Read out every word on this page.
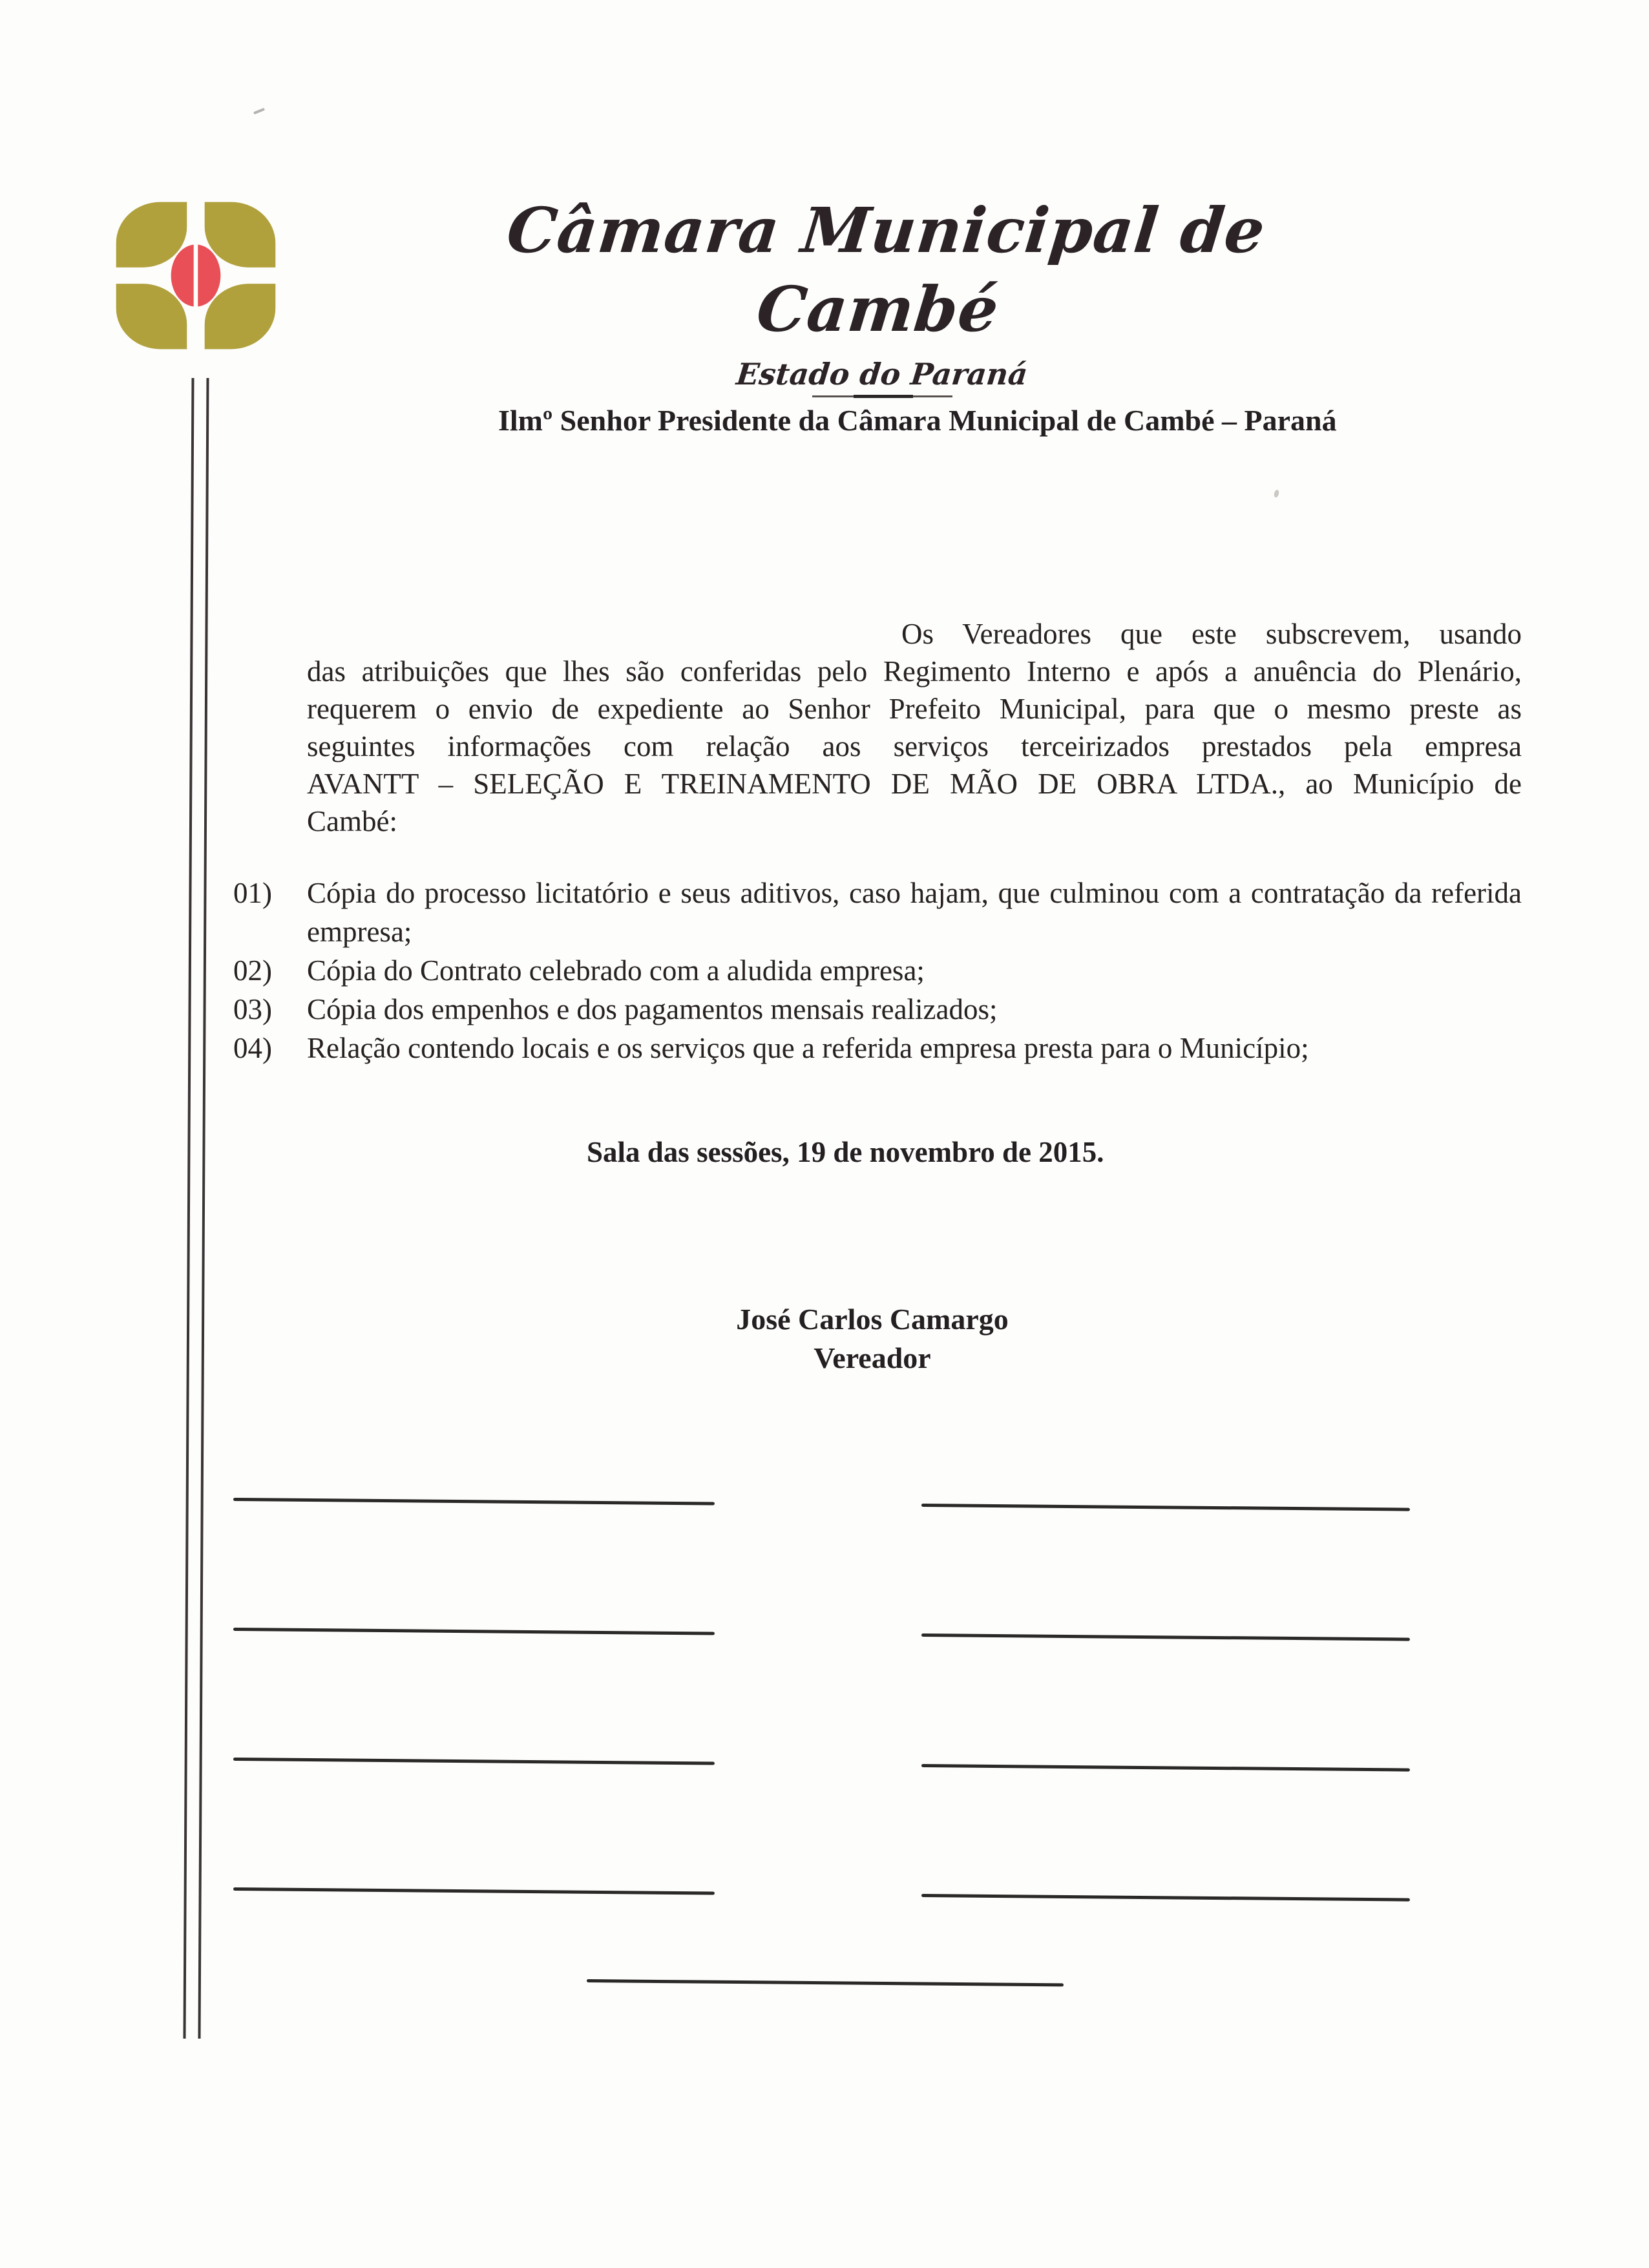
Câmara Municipal de Cambé
Estado do Paraná
Ilmº Senhor Presidente da Câmara Municipal de Cambé – Paraná
Os Vereadores que este subscrevem, usando
das atribuições que lhes são conferidas pelo Regimento Interno e após a anuência do Plenário,
requerem o envio de expediente ao Senhor Prefeito Municipal, para que o mesmo preste as
seguintes informações com relação aos serviços terceirizados prestados pela empresa
AVANTT – SELEÇÃO E TREINAMENTO DE MÃO DE OBRA LTDA., ao Município de
Cambé:
01) Cópia do processo licitatório e seus aditivos, caso hajam, que culminou com a contratação da referida empresa;
02) Cópia do Contrato celebrado com a aludida empresa;
03) Cópia dos empenhos e dos pagamentos mensais realizados;
04) Relação contendo locais e os serviços que a referida empresa presta para o Município;
Sala das sessões, 19 de novembro de 2015.
José Carlos Camargo
Vereador
